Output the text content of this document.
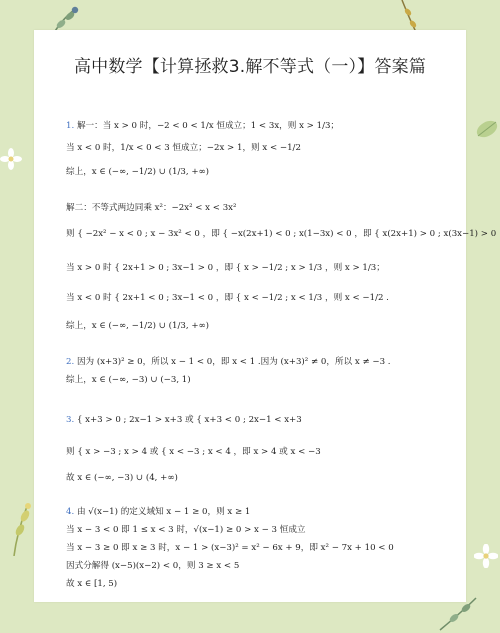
高中数学【计算拯救3.解不等式（一）】答案篇
1. 解一：当 x > 0 时，−2 < 0 < 1/x 恒成立；1 < 3x，则 x > 1/3；
当 x < 0 时，1/x < 0 < 3 恒成立；−2x > 1，则 x < −1/2
综上，x ∈ (−∞, −1/2) ∪ (1/3, +∞)
解二：不等式两边同乘 x²：−2x² < x < 3x²
则 { −2x² − x < 0 ; x − 3x² < 0 ，即 { −x(2x+1) < 0 ; x(1−3x) < 0 ，即 { x(2x+1) > 0 ; x(3x−1) > 0
当 x > 0 时 { 2x+1 > 0 ; 3x−1 > 0 ，即 { x > −1/2 ; x > 1/3 ，则 x > 1/3；
当 x < 0 时 { 2x+1 < 0 ; 3x−1 < 0 ，即 { x < −1/2 ; x < 1/3 ，则 x < −1/2 .
综上，x ∈ (−∞, −1/2) ∪ (1/3, +∞)
2. 因为 (x+3)² ≥ 0，所以 x − 1 < 0，即 x < 1 .因为 (x+3)² ≠ 0，所以 x ≠ −3 .
综上，x ∈ (−∞, −3) ∪ (−3, 1)
3. { x+3 > 0 ; 2x−1 > x+3 或 { x+3 < 0 ; 2x−1 < x+3
则 { x > −3 ; x > 4 或 { x < −3 ; x < 4 ，即 x > 4 或 x < −3
故 x ∈ (−∞, −3) ∪ (4, +∞)
4. 由 √(x−1) 的定义域知 x − 1 ≥ 0，则 x ≥ 1
当 x − 3 < 0 即 1 ≤ x < 3 时，√(x−1) ≥ 0 > x − 3 恒成立
当 x − 3 ≥ 0 即 x ≥ 3 时，x − 1 > (x−3)² = x² − 6x + 9，即 x² − 7x + 10 < 0
因式分解得 (x−5)(x−2) < 0，则 3 ≥ x < 5
故 x ∈ [1, 5)
